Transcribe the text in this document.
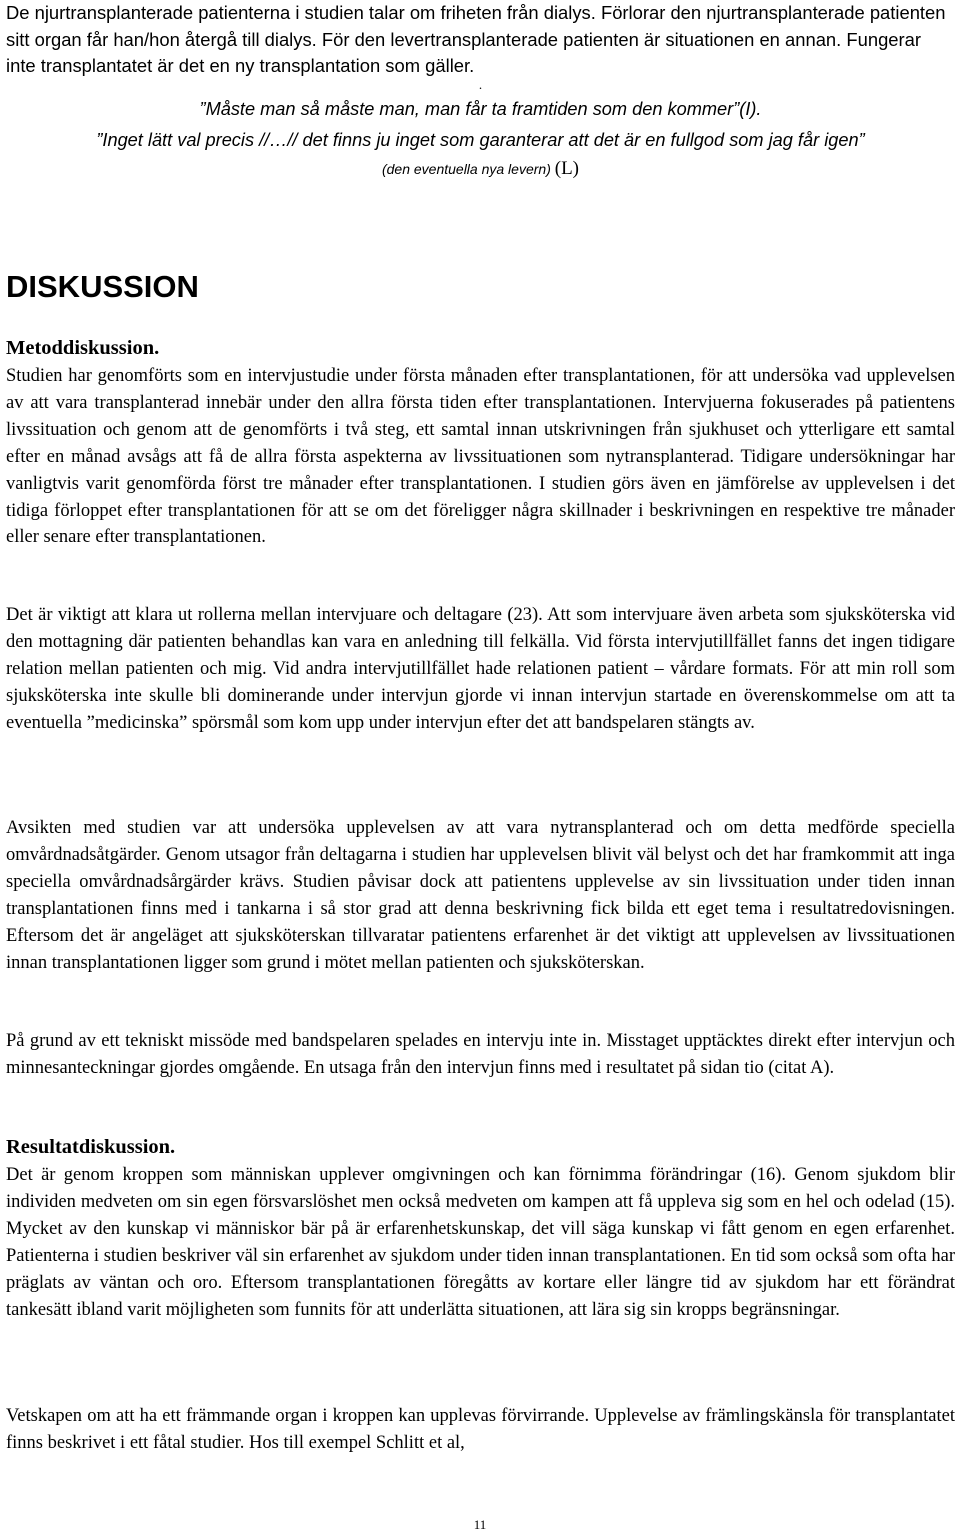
De njurtransplanterade patienterna i studien talar om friheten från dialys. Förlorar den njurtransplanterade patienten sitt organ får han/hon återgå till dialys. För den levertransplanterade patienten är situationen en annan. Fungerar inte transplantatet är det en ny transplantation som gäller.

.
”Måste man så måste man, man får ta framtiden som den kommer”(I).
”Inget lätt val precis //…// det finns ju inget som garanterar att det är en fullgod som jag får igen”
(den eventuella nya levern) (L)
DISKUSSION
Metoddiskussion.

Studien har genomförts som en intervjustudie under första månaden efter transplantationen, för att undersöka vad upplevelsen av att vara transplanterad innebär under den allra första tiden efter transplantationen. Intervjuerna fokuserades på patientens livssituation och genom att de genomförts i två steg, ett samtal innan utskrivningen från sjukhuset och ytterligare ett samtal efter en månad avsågs att få de allra första aspekterna av livssituationen som nytransplanterad. Tidigare undersökningar har vanligtvis varit genomförda först tre månader efter transplantationen. I studien görs även en jämförelse av upplevelsen i det tidiga förloppet efter transplantationen för att se om det föreligger några skillnader i beskrivningen en respektive tre månader eller senare efter transplantationen.

Det är viktigt att klara ut rollerna mellan intervjuare och deltagare (23). Att som intervjuare även arbeta som sjuksköterska vid den mottagning där patienten behandlas kan vara en anledning till felkälla. Vid första intervjutillfället fanns det ingen tidigare relation mellan patienten och mig. Vid andra intervjutillfället hade relationen patient – vårdare formats. För att min roll som sjuksköterska inte skulle bli dominerande under intervjun gjorde vi innan intervjun startade en överenskommelse om att ta eventuella ”medicinska” spörsmål som kom upp under intervjun efter det att bandspelaren stängts av.

Avsikten med studien var att undersöka upplevelsen av att vara nytransplanterad och om detta medförde speciella omvårdnadsåtgärder. Genom utsagor från deltagarna i studien har upplevelsen blivit väl belyst och det har framkommit att inga speciella omvårdnadsårgärder krävs. Studien påvisar dock att patientens upplevelse av sin livssituation under tiden innan transplantationen finns med i tankarna i så stor grad att denna beskrivning fick bilda ett eget tema i resultatredovisningen. Eftersom det är angeläget att sjuksköterskan tillvaratar patientens erfarenhet är det viktigt att upplevelsen av livssituationen innan transplantationen ligger som grund i mötet mellan patienten och sjuksköterskan.

På grund av ett tekniskt missöde med bandspelaren spelades en intervju inte in. Misstaget upptäcktes direkt efter intervjun och minnesanteckningar gjordes omgående. En utsaga från den intervjun finns med i resultatet på sidan tio (citat A).

Resultatdiskussion.

Det är genom kroppen som människan upplever omgivningen och kan förnimma förändringar (16). Genom sjukdom blir individen medveten om sin egen försvarslöshet men också medveten om kampen att få uppleva sig som en hel och odelad (15). Mycket av den kunskap vi människor bär på är erfarenhetskunskap, det vill säga kunskap vi fått genom en egen erfarenhet. Patienterna i studien beskriver väl sin erfarenhet av sjukdom under tiden innan transplantationen. En tid som också som ofta har präglats av väntan och oro. Eftersom transplantationen föregåtts av kortare eller längre tid av sjukdom har ett förändrat tankesätt ibland varit möjligheten som funnits för att underlätta situationen, att lära sig sin kropps begränsningar.

Vetskapen om att ha ett främmande organ i kroppen kan upplevas förvirrande. Upplevelse av främlingskänsla för transplantatet finns beskrivet i ett fåtal studier. Hos till exempel Schlitt et al,

11
